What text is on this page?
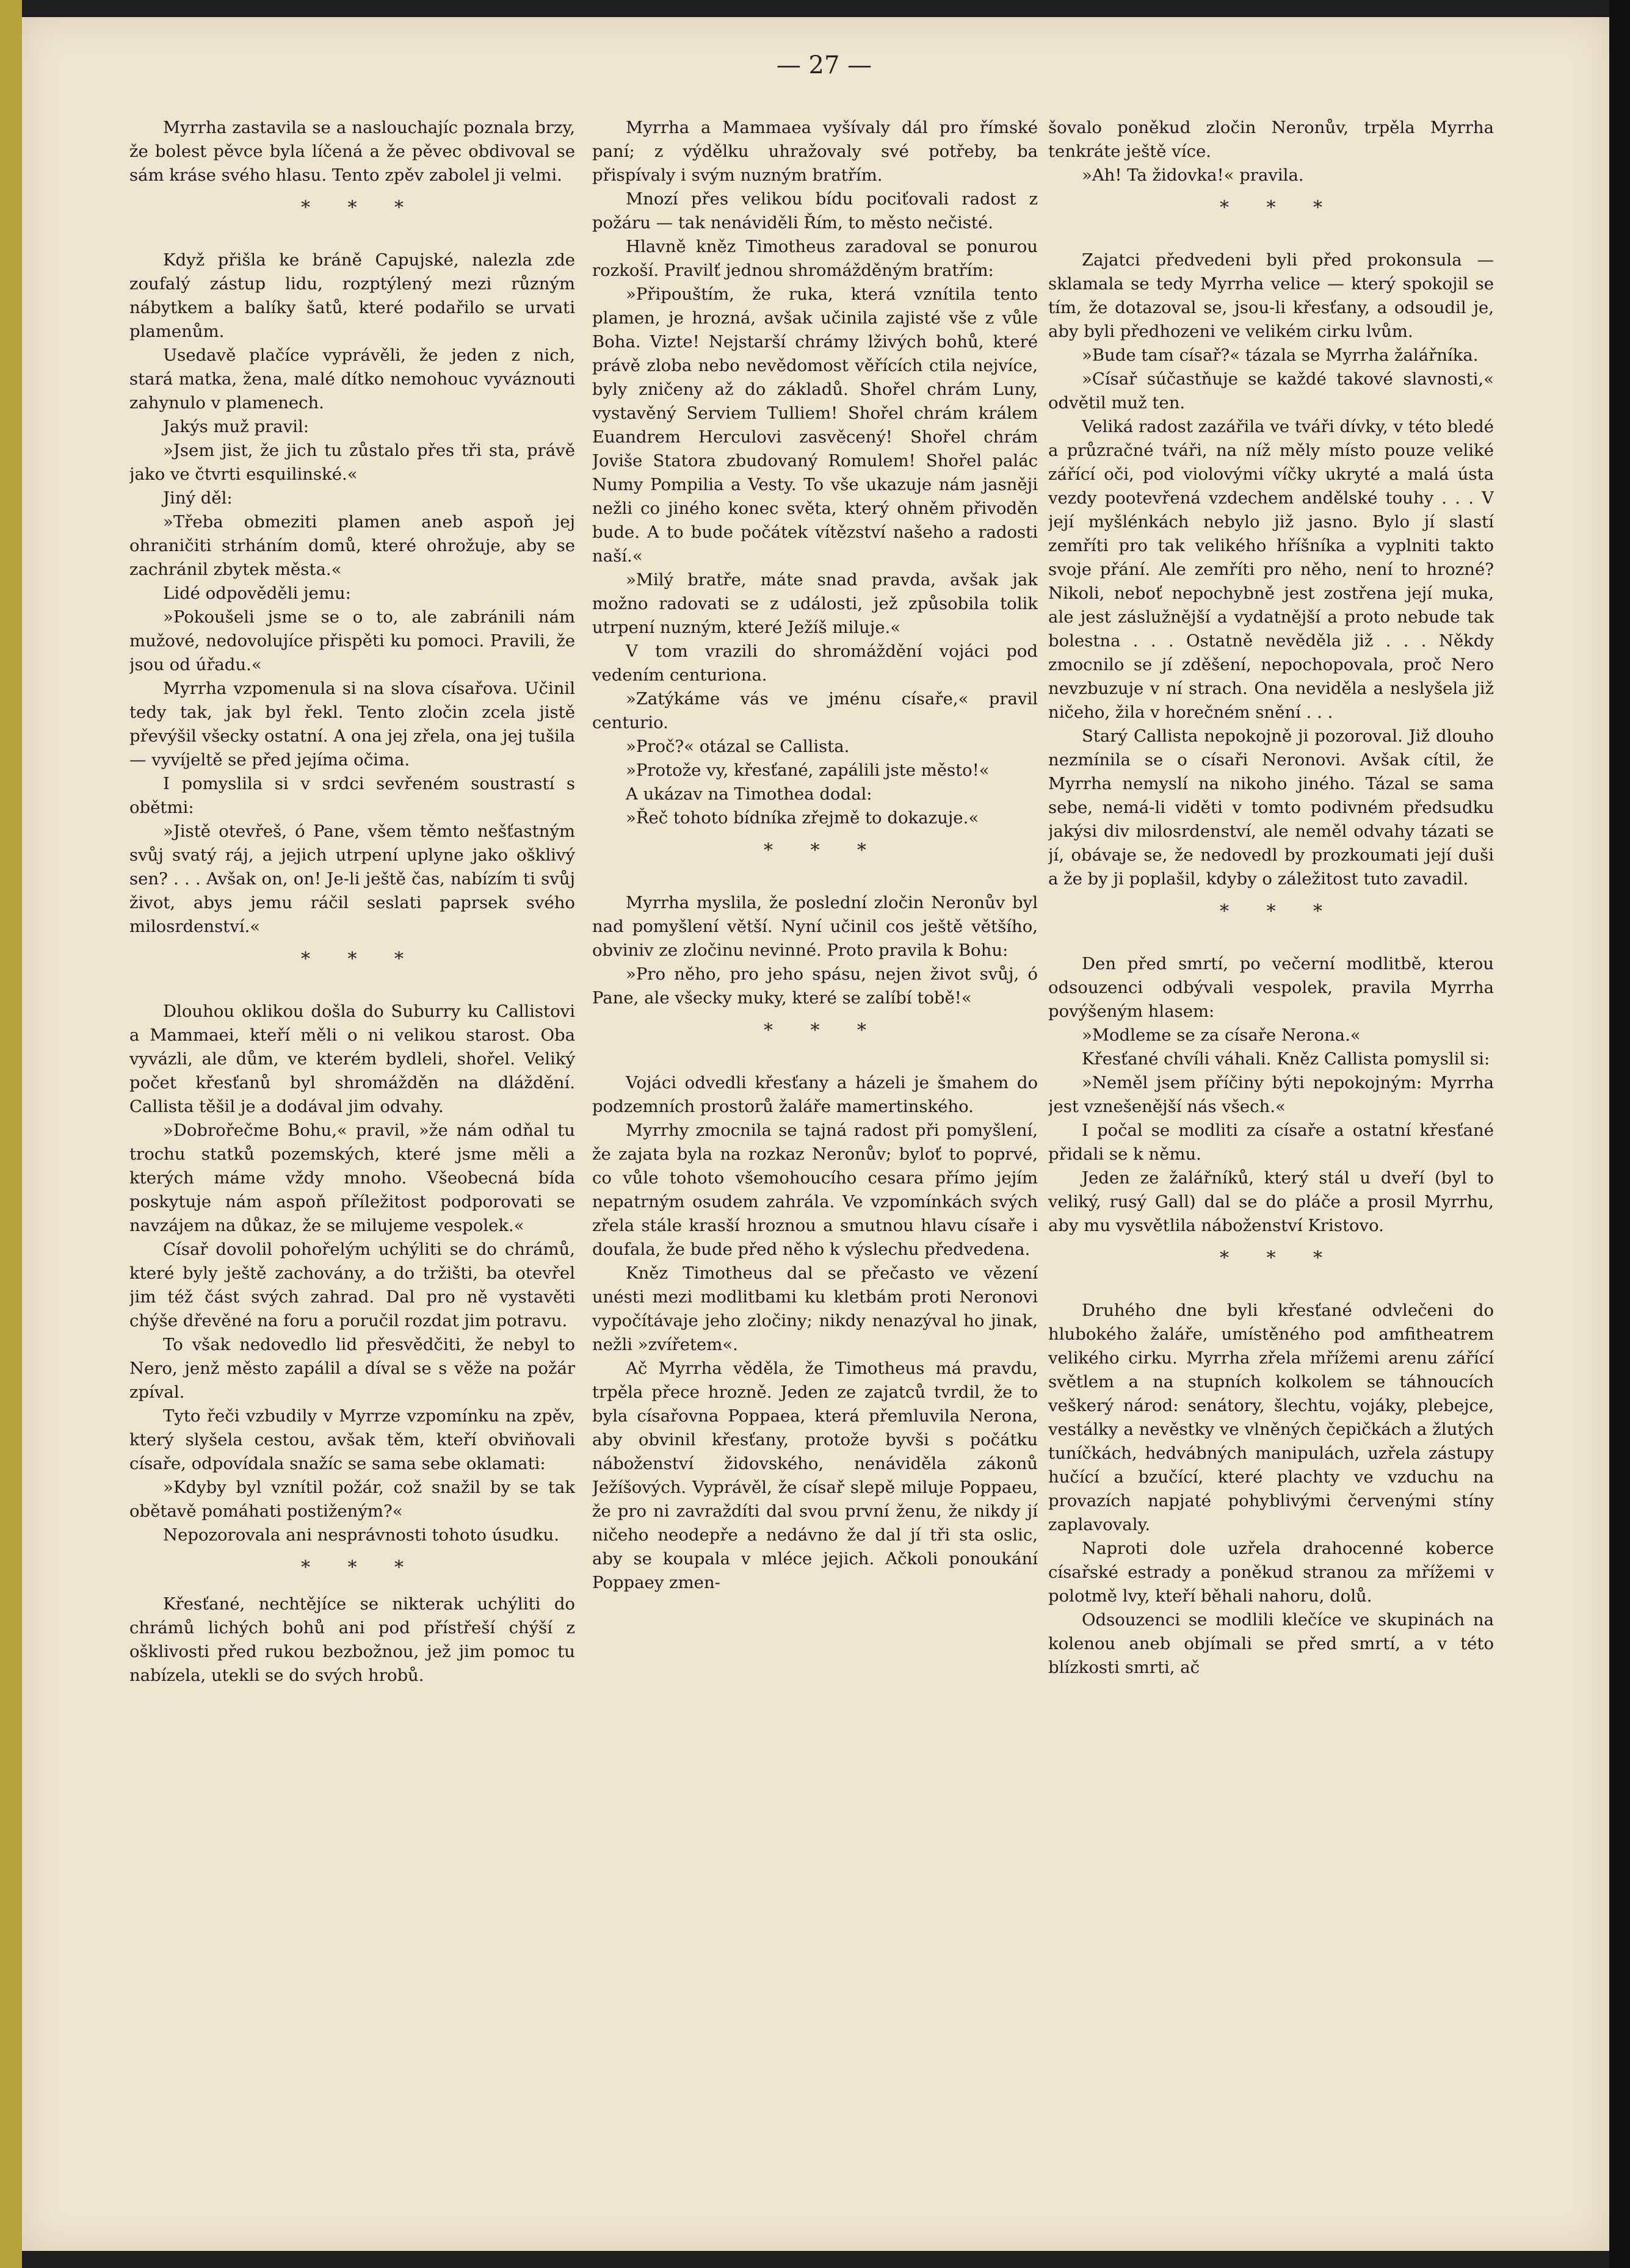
— 27 —

Myrrha zastavila se a naslouchajíc poznala brzy, že bolest pěvce byla líčená a že pěvec obdivoval se sám krásе svého hlasu. Tento zpěv zabolel ji velmi.

* * *

Když přišla ke bráně Capujské, nalezla zde zoufalý zástup lidu, rozptýlený mezi různým nábytkem a balíky šatů, které podařilo se urvati plamenům.

Usedavě plačíce vyprávěli, že jeden z nich, stará matka, žena, malé dítko nemohouc vyváznouti zahynulo v plamenech.

Jakýs muž pravil:

»Jsem jist, že jich tu zůstalo přes tři sta, právě jako ve čtvrti esquilinské.«

Jiný děl:

»Třeba obmeziti plamen aneb aspoň jej ohraničiti strháním domů, které ohrožuje, aby se zachránil zbytek města.«

Lidé odpověděli jemu:

»Pokoušeli jsme se o to, ale zabránili nám mužové, nedovolujíce přispěti ku pomoci. Pravili, že jsou od úřadu.«

Myrrha vzpomenula si na slova císařova. Učinil tedy tak, jak byl řekl. Tento zločin zcela jistě převýšil všecky ostatní. A ona jej zřela, ona jej tušila — vyvíjeltě se před jejíma očima.

I pomyslila si v srdci sevřeném soustrastí s obětmi:

»Jistě otevřeš, ó Pane, všem těmto nešťastným svůj svatý ráj, a jejich utrpení uplyne jako ošklivý sen? . . . Avšak on, on! Je-li ještě čas, nabízím ti svůj život, abys jemu ráčil seslati paprsek svého milosrdenství.«

* * *

Dlouhou oklikou došla do Suburry ku Callistovi a Mammaei, kteří měli o ni velikou starost. Oba vyvázli, ale dům, ve kterém bydleli, shořel. Veliký počet křesťanů byl shromážděn na dláždění. Callista těšil je a dodával jim odvahy.

»Dobrořečme Bohu,« pravil, »že nám odňal tu trochu statků pozemských, které jsme měli a kterých máme vždy mnoho. Všeobecná bída poskytuje nám aspoň příležitost podporovati se navzájem na důkaz, že se milujeme vespolek.«

Císař dovolil pohořelým uchýliti se do chrámů, které byly ještě zachovány, a do tržišti, ba otevřel jim též část svých zahrad. Dal pro ně vystavěti chýše dřevěné na foru a poručil rozdat jim potravu.

To však nedovedlo lid přesvědčiti, že nebyl to Nero, jenž město zapálil a díval se s věže na požár zpíval.

Tyto řeči vzbudily v Myrrze vzpomínku na zpěv, který slyšela cestou, avšak těm, kteří obviňovali císaře, odpovídala snažíc se sama sebe oklamati:

»Kdyby byl vznítil požár, což snažil by se tak obětavě pomáhati postiženým?«

Nepozorovala ani nesprávnosti tohoto úsudku.

* * *

Křesťané, nechtějíce se nikterak uchýliti do chrámů lichých bohů ani pod přístřeší chýší z ošklivosti před rukou bezbožnou, jež jim pomoc tu nabízela, utekli se do svých hrobů.

Myrrha a Mammaea vyšívaly dál pro římské paní; z výdělku uhražovaly své potřeby, ba přispívaly i svým nuzným bratřím.

Mnozí přes velikou bídu pociťovali radost z požáru — tak nenáviděli Řím, to město nečisté.

Hlavně kněz Timotheus zaradoval se ponurou rozkoší. Pravilť jednou shromážděným bratřím:

»Připouštím, že ruka, která vznítila tento plamen, je hrozná, avšak učinila zajisté vše z vůle Boha. Vizte! Nejstarší chrámy lživých bohů, které právě zloba nebo nevědomost věřících ctila nejvíce, byly zničeny až do základů. Shořel chrám Luny, vystavěný Serviem Tulliem! Shořel chrám králem Euandrem Herculovi zasvěcený! Shořel chrám Joviše Statora zbudovaný Romulem! Shořel palác Numy Pompilia a Vesty. To vše ukazuje nám jasněji nežli co jiného konec světa, který ohněm přivoděn bude. A to bude počátek vítězství našeho a radosti naší.«

»Milý bratře, máte snad pravda, avšak jak možno radovati se z události, jež způsobila tolik utrpení nuzným, které Ježíš miluje.«

V tom vrazili do shromáždění vojáci pod vedením centuriona.

»Zatýkáme vás ve jménu císaře,« pravil centurio.

»Proč?« otázal se Callista.

»Protože vy, křesťané, zapálili jste město!«

A ukázav na Timothea dodal:

»Řeč tohoto bídníka zřejmě to dokazuje.«

* * *

Myrrha myslila, že poslední zločin Neronův byl nad pomyšlení větší. Nyní učinil cos ještě většího, obviniv ze zločinu nevinné. Proto pravila k Bohu:

»Pro něho, pro jeho spásu, nejen život svůj, ó Pane, ale všecky muky, které se zalíbí tobě!«

* * *

Vojáci odvedli křesťany a házeli je šmahem do podzemních prostorů žaláře mamertinského.

Myrrhy zmocnila se tajná radost při pomyšlení, že zajata byla na rozkaz Neronův; bylоť to poprvé, co vůle tohoto všemohoucího cesara přímo jejím nepatrným osudem zahrála. Ve vzpomínkách svých zřela stále krasší hroznou a smutnou hlavu císaře i doufala, že bude před něho k výslechu předvedena.

Kněz Timotheus dal se přečasto ve vězení unésti mezi modlitbami ku kletbám proti Neronovi vypočítávaje jeho zločiny; nikdy nenazýval ho jinak, nežli »zvířetem«.

Ač Myrrha věděla, že Timotheus má pravdu, trpěla přece hrozně. Jeden ze zajatců tvrdil, že to byla císařovna Poppaea, která přemluvila Nerona, aby obvinil křesťany, protože byvši s počátku náboženství židovského, nenáviděla zákonů Ježíšových. Vyprávěl, že císař slepě miluje Poppaeu, že pro ni zavraždíti dal svou první ženu, že nikdy jí ničeho neodepře a nedávno že dal jí tři sta oslic, aby se koupala v mléce jejich. Ačkoli ponoukání Poppaey zmen-

šovalo poněkud zločin Neronův, trpěla Myrrha tenkráte ještě více.

»Ah! Ta židovka!« pravila.

* * *

Zajatci předvedeni byli před prokonsula — sklamala se tedy Myrrha velice — který spokojil se tím, že dotazoval se, jsou-li křesťany, a odsoudil je, aby byli předhozeni ve velikém cirku lvům.

»Bude tam císař?« tázala se Myrrha žalářníka.

»Císař súčastňuje se každé takové slavnosti,« odvětil muž ten.

Veliká radost zazářila ve tváři dívky, v této bledé a průzračné tváři, na níž měly místo pouze veliké zářící oči, pod violovými víčky ukryté a malá ústa vezdy pootevřená vzdechem andělské touhy . . . V její myšlénkách nebylo již jasno. Bylo jí slastí zemříti pro tak velikého hříšníka a vyplniti takto svoje přání. Ale zemříti pro něho, není to hrozné? Nikoli, neboť nepochybně jest zostřena její muka, ale jest záslužnější a vydatnější a proto nebude tak bolestna . . . Ostatně nevěděla již . . . Někdy zmocnilo se jí zděšení, nepochopovala, proč Nero nevzbuzuje v ní strach. Ona neviděla a neslyšela již ničeho, žila v horečném snění . . .

Starý Callista nepokojně ji pozoroval. Již dlouho nezmínila se o císaři Neronovi. Avšak cítil, že Myrrha nemyslí na nikoho jiného. Tázal se sama sebe, nemá-li viděti v tomto podivném předsudku jakýsi div milosrdenství, ale neměl odvahy tázati se jí, obávaje se, že nedovedl by prozkoumati její duši a že by ji poplašil, kdyby o záležitost tuto zavadil.

* * *

Den před smrtí, po večerní modlitbě, kterou odsouzenci odbývali vespolek, pravila Myrrha povýšeným hlasem:

»Modleme se za císaře Nerona.«

Křesťané chvíli váhali. Kněz Callista pomyslil si:

»Neměl jsem příčiny býti nepokojným: Myrrha jest vznešenější nás všech.«

I počal se modliti za císaře a ostatní křesťané přidali se k němu.

Jeden ze žalářníků, který stál u dveří (byl to veliký, rusý Gall) dal se do pláče a prosil Myrrhu, aby mu vysvětlila náboženství Kristovo.

* * *

Druhého dne byli křesťané odvlečeni do hlubokého žaláře, umístěného pod amfitheatrem velikého cirku. Myrrha zřela mřížemi arenu zářící světlem a na stupních kolkolem se táhnoucích veškerý národ: senátory, šlechtu, vojáky, plebejce, vestálky a nevěstky ve vlněných čepičkách a žlutých tuníčkách, hedvábných manipulách, uzřela zástupy hučící a bzučící, které plachty ve vzduchu na provazích napjaté pohyblivými červenými stíny zaplavovaly.

Naproti dole uzřela drahocenné koberce císařské estrady a poněkud stranou za mřížemi v polotmě lvy, kteří běhali nahoru, dolů.

Odsouzenci se modlili klečíce ve skupinách na kolenou aneb objímali se před smrtí, a v této blízkosti smrti, ač
